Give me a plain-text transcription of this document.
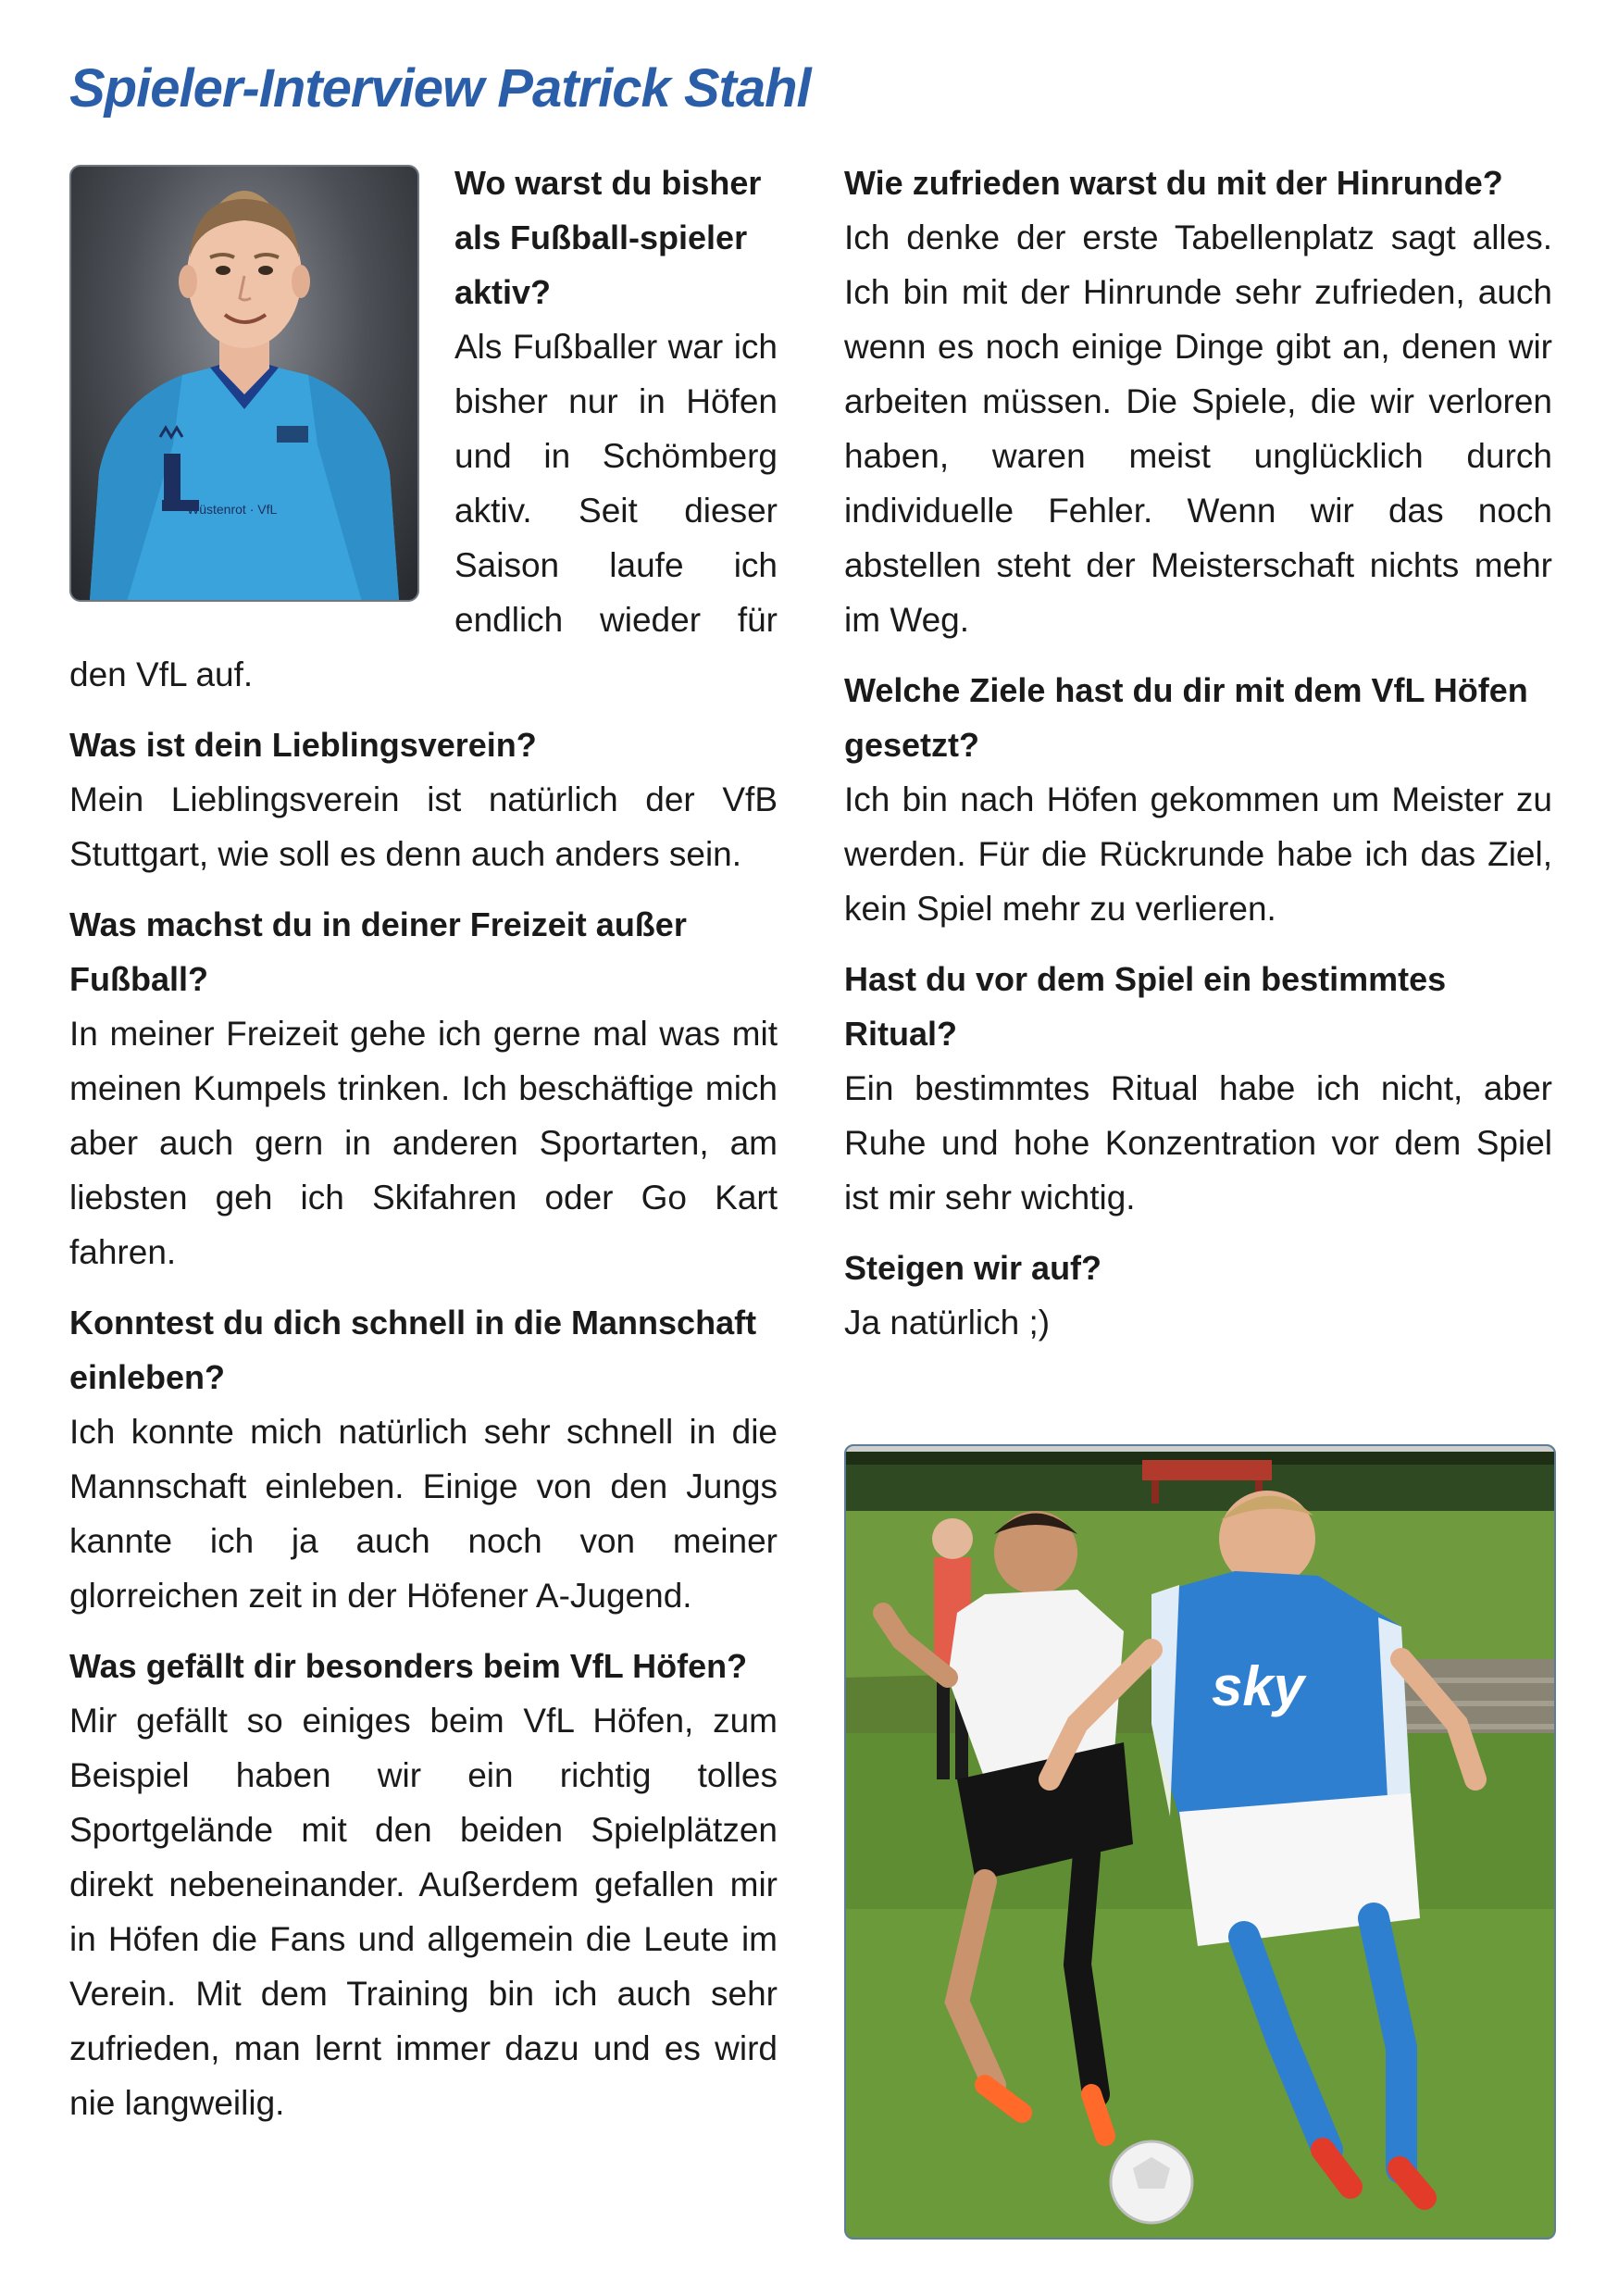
Spieler-Interview Patrick Stahl
Wüstenrot · VfL

Wo warst du bisher als Fußball-spieler aktiv?

Als Fußballer war ich bisher nur in Höfen und in Schömberg aktiv. Seit dieser Saison laufe ich endlich wieder für den VfL auf.

Was ist dein Lieblingsverein?

Mein Lieblingsverein ist natürlich der VfB Stuttgart, wie soll es denn auch anders sein.

Was machst du in deiner Freizeit außer Fußball?

In meiner Freizeit gehe ich gerne mal was mit meinen Kumpels trinken. Ich beschäftige mich aber auch gern in anderen Sportarten, am liebsten geh ich Skifahren oder Go Kart fahren.

Konntest du dich schnell in die Mannschaft einleben?

Ich konnte mich natürlich sehr schnell in die Mannschaft einleben. Einige von den Jungs kannte ich ja auch noch von meiner glorreichen zeit in der Höfener A-Jugend.

Was gefällt dir besonders beim VfL Höfen?

Mir gefällt so einiges beim VfL Höfen, zum Beispiel haben wir ein richtig tolles Sportgelände mit den beiden Spielplätzen direkt nebeneinander. Außerdem gefallen mir in Höfen die Fans und allgemein die Leute im Verein. Mit dem Training bin ich auch sehr zufrieden, man lernt immer dazu und es wird nie langweilig.

Wie zufrieden warst du mit der Hinrunde?

Ich denke der erste Tabellenplatz sagt alles. Ich bin mit der Hinrunde sehr zufrieden, auch wenn es noch einige Dinge gibt an, denen wir arbeiten müssen. Die Spiele, die wir verloren haben, waren meist unglücklich durch individuelle Fehler. Wenn wir das noch abstellen steht der Meisterschaft nichts mehr im Weg.

Welche Ziele hast du dir mit dem VfL Höfen gesetzt?

Ich bin nach Höfen gekommen um Meister zu werden. Für die Rückrunde habe ich das Ziel, kein Spiel mehr zu verlieren.

Hast du vor dem Spiel ein bestimmtes Ritual?

Ein bestimmtes Ritual habe ich nicht, aber Ruhe und hohe Konzentration vor dem Spiel ist mir sehr wichtig.

Steigen wir auf?

Ja natürlich ;)

sky
